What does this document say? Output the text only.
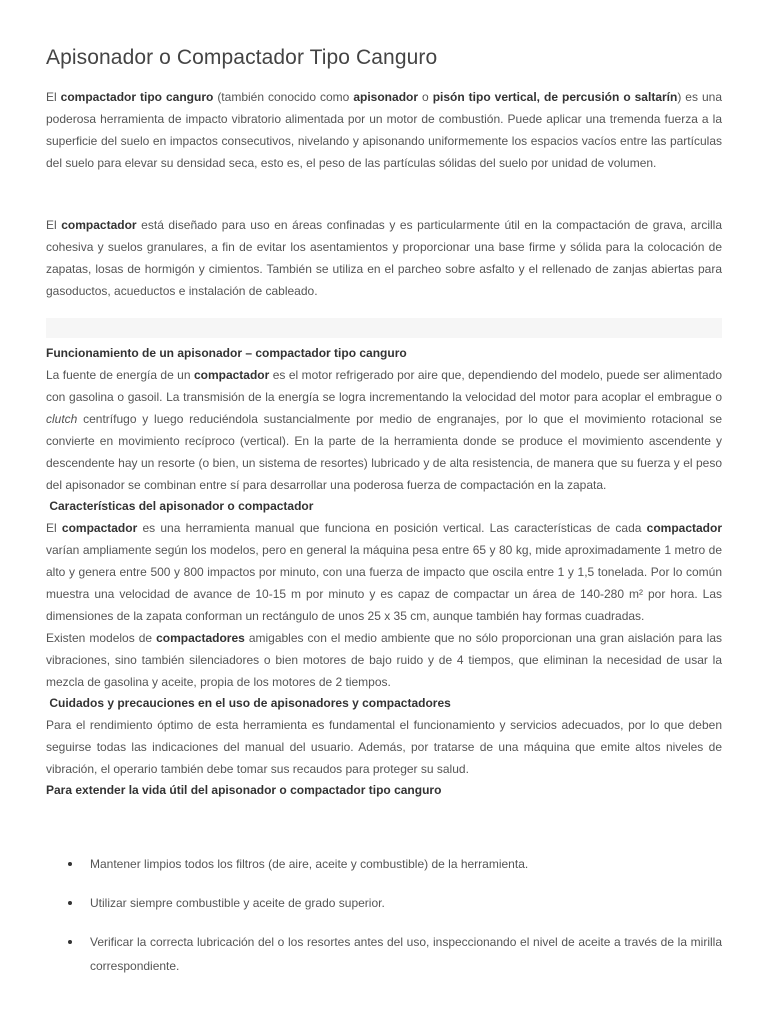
Apisonador o Compactador Tipo Canguro

El compactador tipo canguro (también conocido como apisonador o pisón tipo vertical, de percusión o saltarín) es una poderosa herramienta de impacto vibratorio alimentada por un motor de combustión. Puede aplicar una tremenda fuerza a la superficie del suelo en impactos consecutivos, nivelando y apisonando uniformemente los espacios vacíos entre las partículas del suelo para elevar su densidad seca, esto es, el peso de las partículas sólidas del suelo por unidad de volumen.

El compactador está diseñado para uso en áreas confinadas y es particularmente útil en la compactación de grava, arcilla cohesiva y suelos granulares, a fin de evitar los asentamientos y proporcionar una base firme y sólida para la colocación de zapatas, losas de hormigón y cimientos. También se utiliza en el parcheo sobre asfalto y el rellenado de zanjas abiertas para gasoductos, acueductos e instalación de cableado.

Funcionamiento de un apisonador – compactador tipo canguro

La fuente de energía de un compactador es el motor refrigerado por aire que, dependiendo del modelo, puede ser alimentado con gasolina o gasoil. La transmisión de la energía se logra incrementando la velocidad del motor para acoplar el embrague o clutch centrífugo y luego reduciéndola sustancialmente por medio de engranajes, por lo que el movimiento rotacional se convierte en movimiento recíproco (vertical). En la parte de la herramienta donde se produce el movimiento ascendente y descendente hay un resorte (o bien, un sistema de resortes) lubricado y de alta resistencia, de manera que su fuerza y el peso del apisonador se combinan entre sí para desarrollar una poderosa fuerza de compactación en la zapata.

Características del apisonador o compactador

El compactador es una herramienta manual que funciona en posición vertical. Las características de cada compactador varían ampliamente según los modelos, pero en general la máquina pesa entre 65 y 80 kg, mide aproximadamente 1 metro de alto y genera entre 500 y 800 impactos por minuto, con una fuerza de impacto que oscila entre 1 y 1,5 tonelada. Por lo común muestra una velocidad de avance de 10-15 m por minuto y es capaz de compactar un área de 140-280 m² por hora. Las dimensiones de la zapata conforman un rectángulo de unos 25 x 35 cm, aunque también hay formas cuadradas.

Existen modelos de compactadores amigables con el medio ambiente que no sólo proporcionan una gran aislación para las vibraciones, sino también silenciadores o bien motores de bajo ruido y de 4 tiempos, que eliminan la necesidad de usar la mezcla de gasolina y aceite, propia de los motores de 2 tiempos.

Cuidados y precauciones en el uso de apisonadores y compactadores

Para el rendimiento óptimo de esta herramienta es fundamental el funcionamiento y servicios adecuados, por lo que deben seguirse todas las indicaciones del manual del usuario. Además, por tratarse de una máquina que emite altos niveles de vibración, el operario también debe tomar sus recaudos para proteger su salud.

Para extender la vida útil del apisonador o compactador tipo canguro
Mantener limpios todos los filtros (de aire, aceite y combustible) de la herramienta.
Utilizar siempre combustible y aceite de grado superior.
Verificar la correcta lubricación del o los resortes antes del uso, inspeccionando el nivel de aceite a través de la mirilla correspondiente.
